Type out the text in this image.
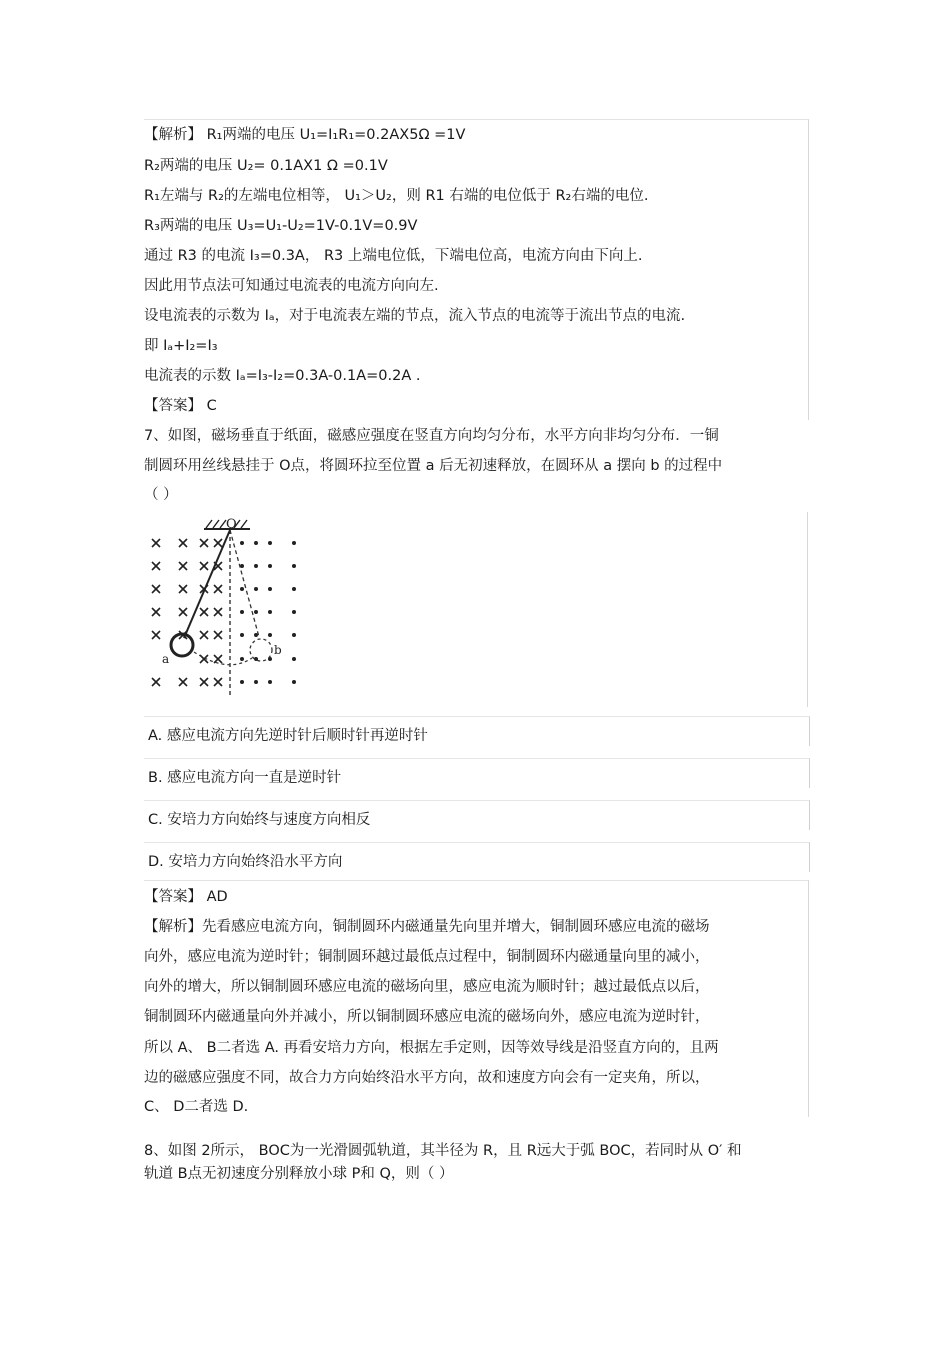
【解析】 R₁两端的电压 U₁=I₁R₁=0.2AX5Ω =1V
R₂两端的电压 U₂= 0.1AX1 Ω =0.1V
R₁左端与 R₂的左端电位相等， U₁＞U₂，则 R1 右端的电位低于 R₂右端的电位.
R₃两端的电压 U₃=U₁-U₂=1V-0.1V=0.9V
通过 R3 的电流 I₃=0.3A， R3 上端电位低，下端电位高，电流方向由下向上.
因此用节点法可知通过电流表的电流方向向左.
设电流表的示数为 Iₐ，对于电流表左端的节点，流入节点的电流等于流出节点的电流.
即 Iₐ+I₂=I₃
电流表的示数 Iₐ=I₃-I₂=0.3A-0.1A=0.2A .
【答案】 C
7、如图，磁场垂直于纸面，磁感应强度在竖直方向均匀分布，水平方向非均匀分布．一铜
制圆环用丝线悬挂于 O点，将圆环拉至位置 a 后无初速释放，在圆环从 a 摆向 b 的过程中
（ ）
O
a
b
A. 感应电流方向先逆时针后顺时针再逆时针
B. 感应电流方向一直是逆时针
C. 安培力方向始终与速度方向相反
D. 安培力方向始终沿水平方向
【答案】 AD
【解析】先看感应电流方向，铜制圆环内磁通量先向里并增大，铜制圆环感应电流的磁场
向外，感应电流为逆时针；铜制圆环越过最低点过程中，铜制圆环内磁通量向里的减小，
向外的增大，所以铜制圆环感应电流的磁场向里，感应电流为顺时针；越过最低点以后，
铜制圆环内磁通量向外并减小，所以铜制圆环感应电流的磁场向外，感应电流为逆时针，
所以 A、 B二者选 A. 再看安培力方向，根据左手定则，因等效导线是沿竖直方向的，且两
边的磁感应强度不同，故合力方向始终沿水平方向，故和速度方向会有一定夹角，所以，
C、 D二者选 D.
8、如图 2所示， BOC为一光滑圆弧轨道，其半径为 R，且 R远大于弧 BOC，若同时从 O′ 和
轨道 B点无初速度分别释放小球 P和 Q，则（ ）
